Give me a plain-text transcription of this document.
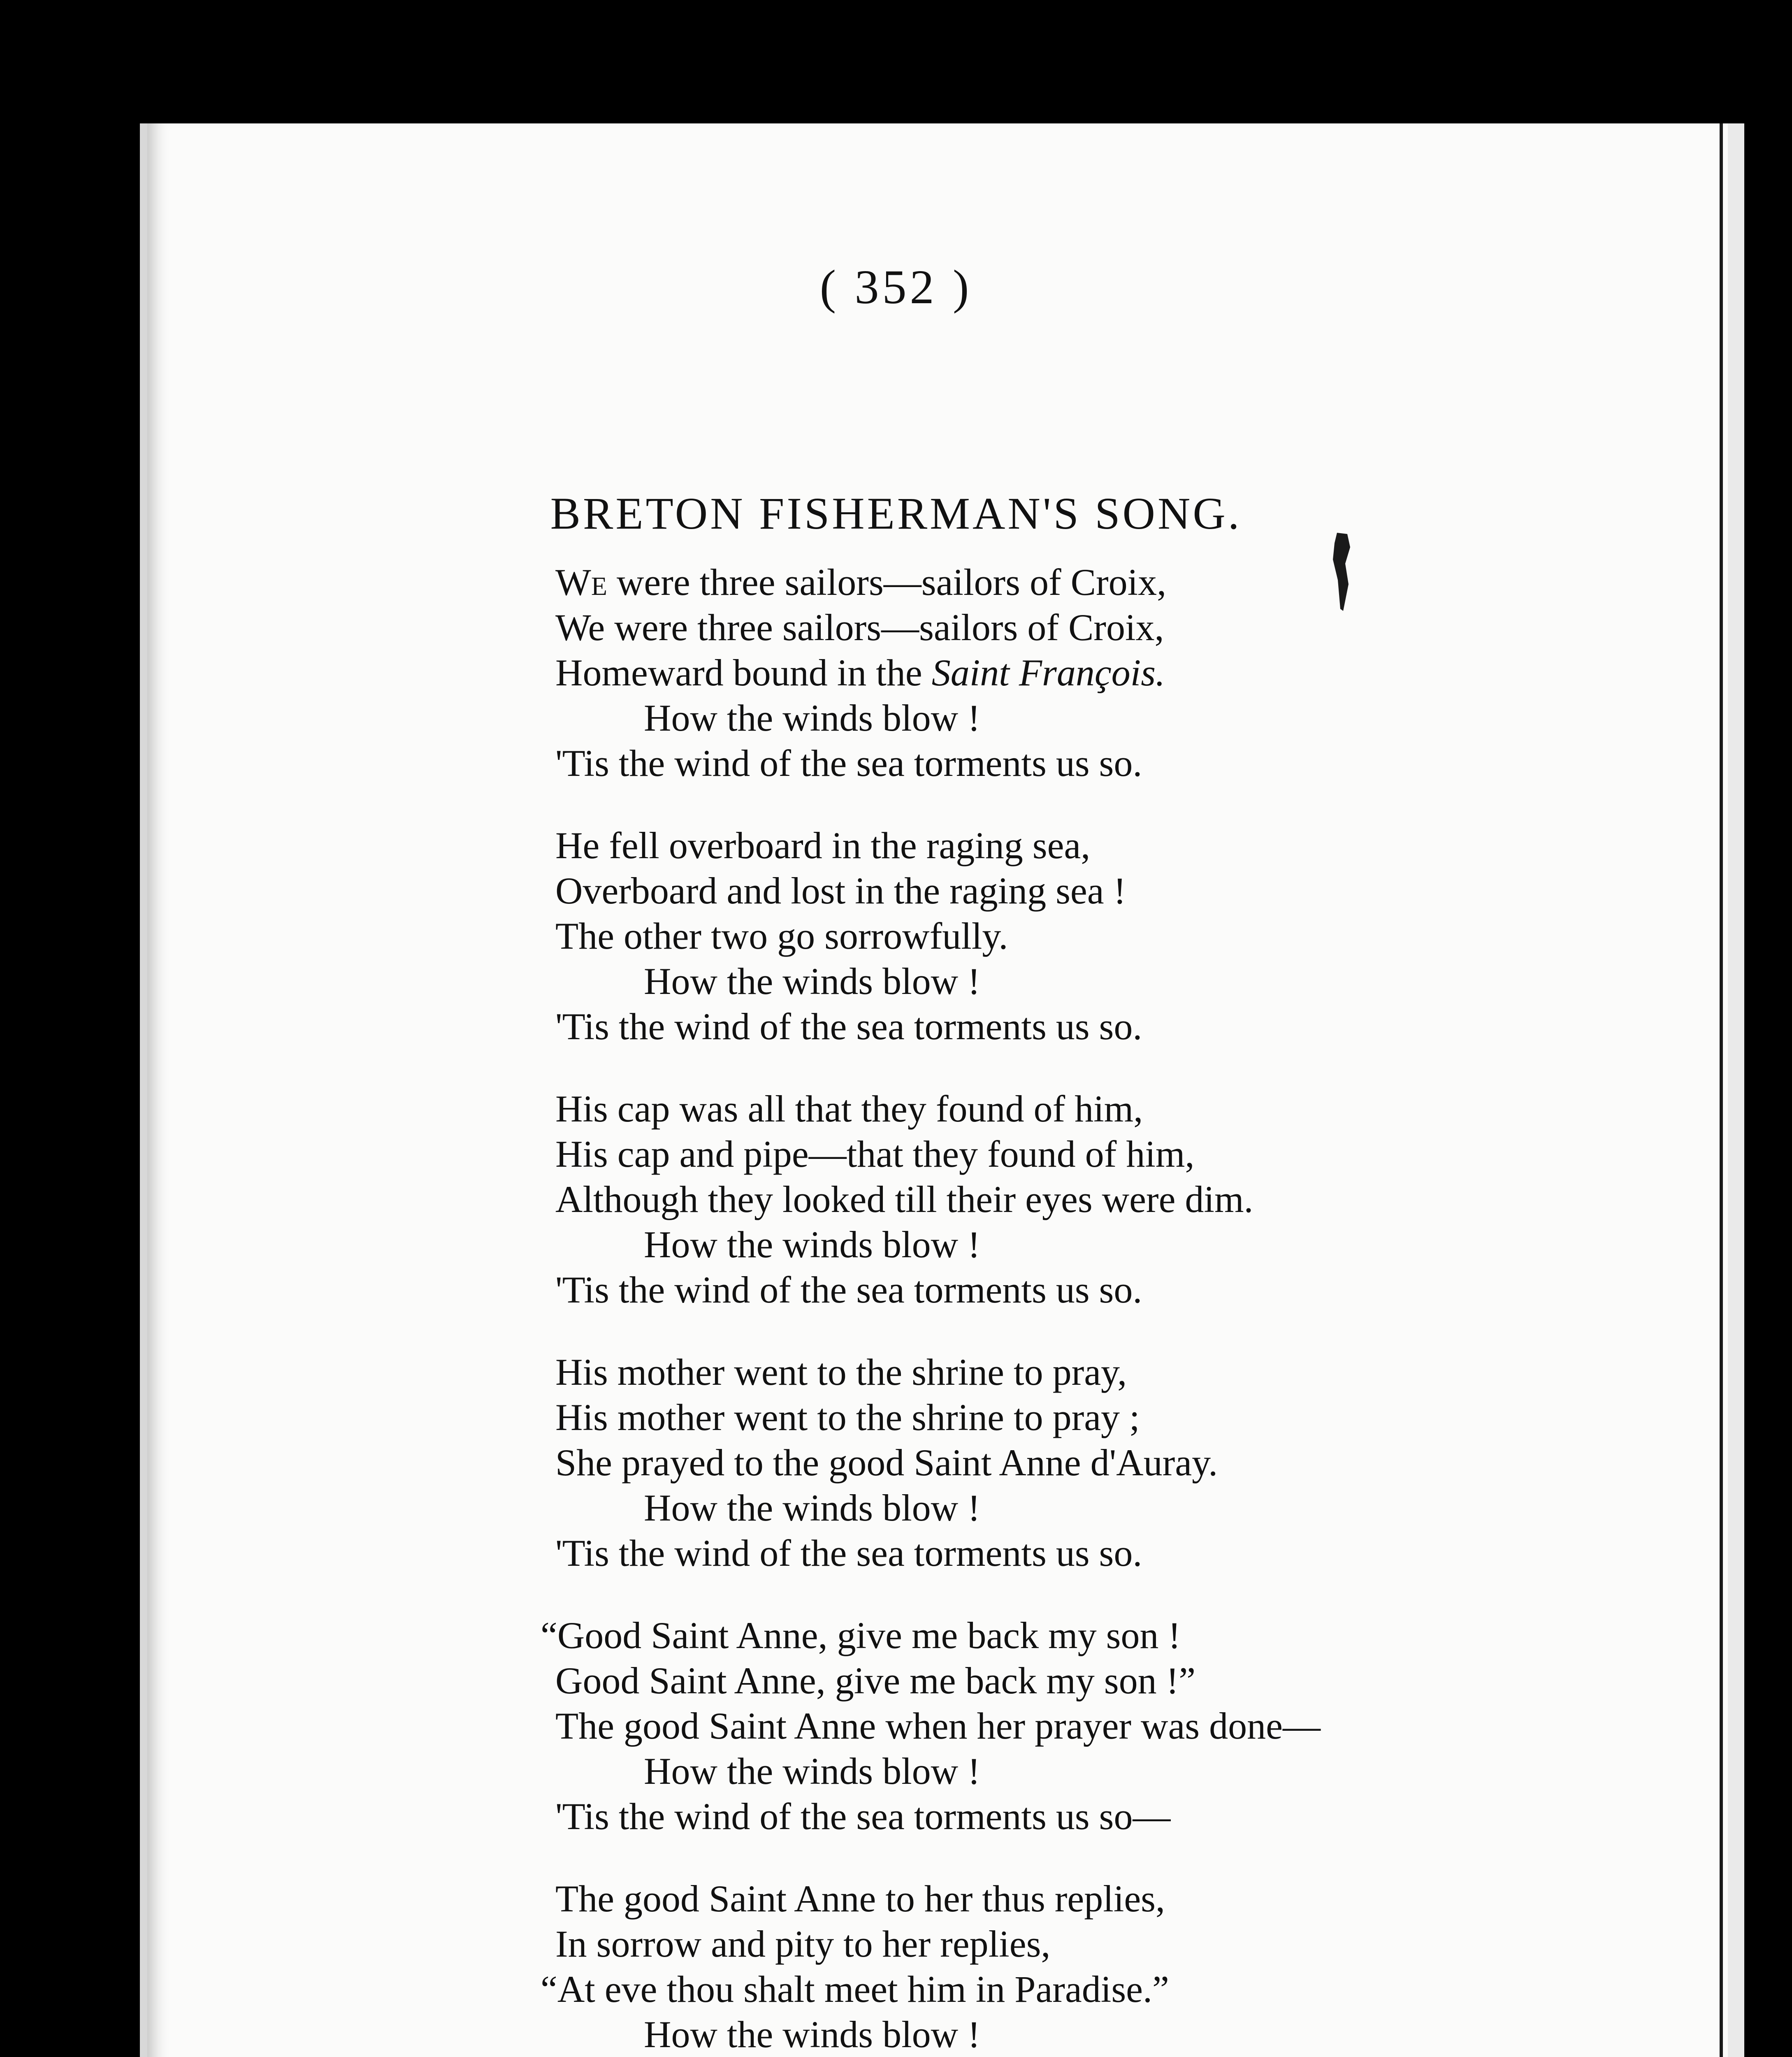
( 352 )
BRETON FISHERMAN'S SONG.
We were three sailors—sailors of Croix,
We were three sailors—sailors of Croix,
Homeward bound in the Saint François.
How the winds blow !
'Tis the wind of the sea torments us so.
He fell overboard in the raging sea,
Overboard and lost in the raging sea !
The other two go sorrowfully.
How the winds blow !
'Tis the wind of the sea torments us so.
His cap was all that they found of him,
His cap and pipe—that they found of him,
Although they looked till their eyes were dim.
How the winds blow !
'Tis the wind of the sea torments us so.
His mother went to the shrine to pray,
His mother went to the shrine to pray ;
She prayed to the good Saint Anne d'Auray.
How the winds blow !
'Tis the wind of the sea torments us so.
“Good Saint Anne, give me back my son !
Good Saint Anne, give me back my son !”
The good Saint Anne when her prayer was done—
How the winds blow !
'Tis the wind of the sea torments us so—
The good Saint Anne to her thus replies,
In sorrow and pity to her replies,
“At eve thou shalt meet him in Paradise.”
How the winds blow !
